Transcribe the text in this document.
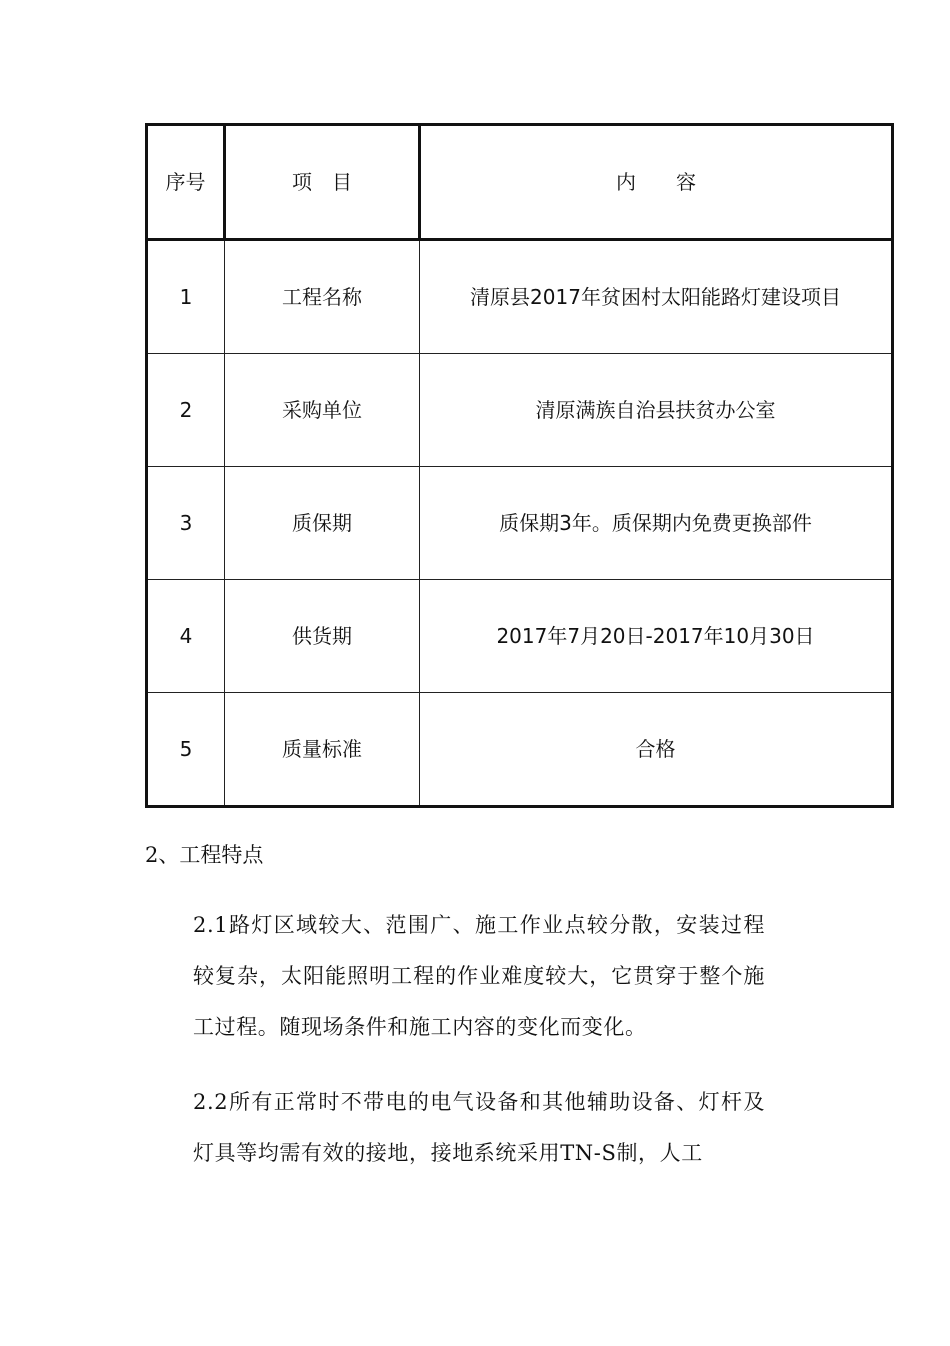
序号	项　目	内　　容
1	工程名称	清原县2017年贫困村太阳能路灯建设项目
2	采购单位	清原满族自治县扶贫办公室
3	质保期	质保期3年。质保期内免费更换部件
4	供货期	2017年7月20日-2017年10月30日
5	质量标准	合格
2、工程特点

2.1路灯区域较大、范围广、施工作业点较分散，安装过程较复杂，太阳能照明工程的作业难度较大，它贯穿于整个施工过程。随现场条件和施工内容的变化而变化。

2.2所有正常时不带电的电气设备和其他辅助设备、灯杆及灯具等均需有效的接地，接地系统采用TN-S制，人工
